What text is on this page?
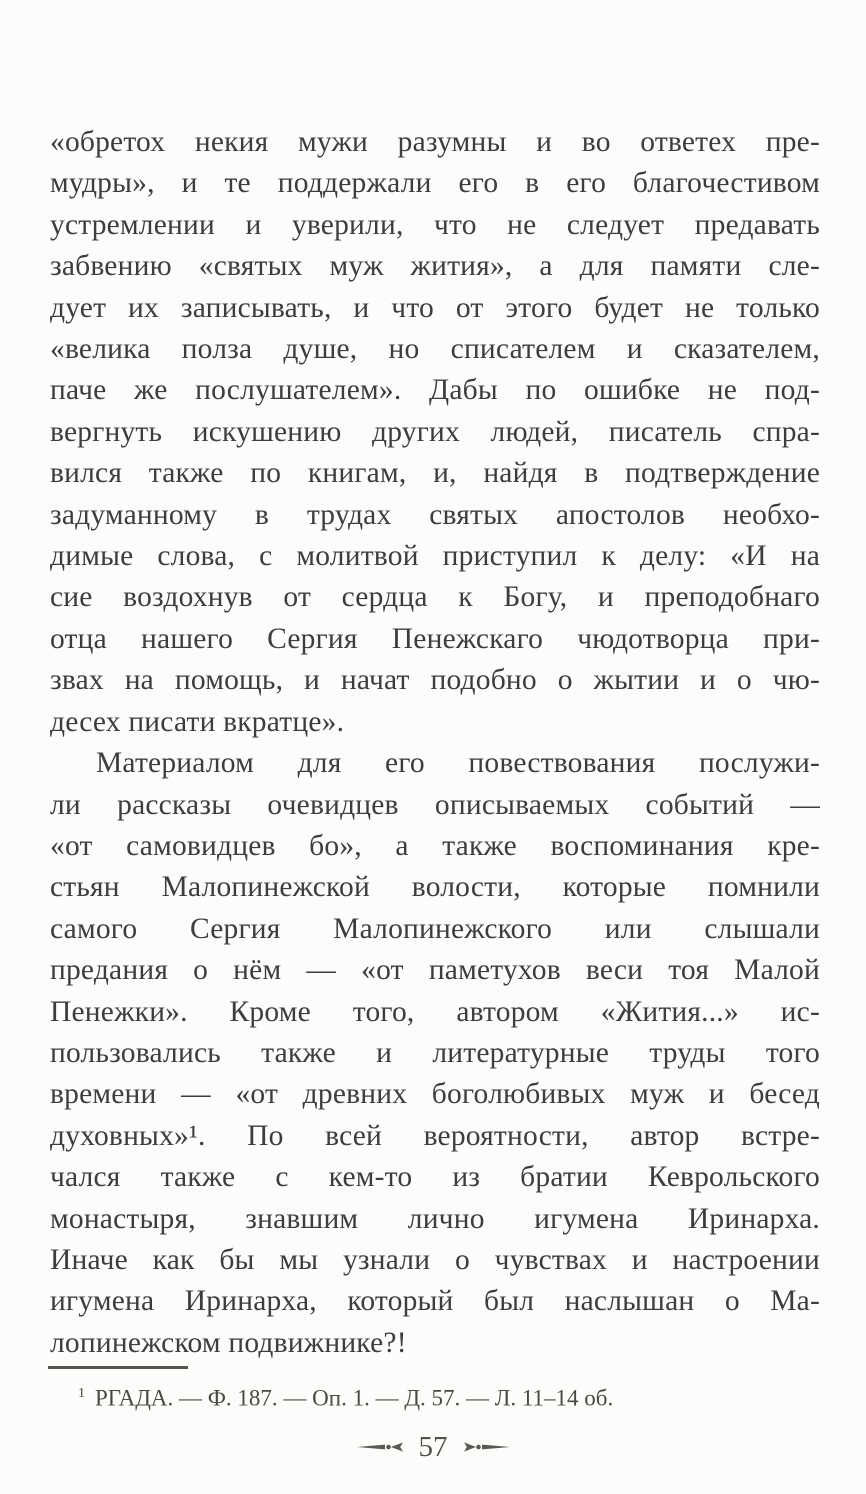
«обретох некия мужи разумны и во ответех пре-
мудры», и те поддержали его в его благочестивом
устремлении и уверили, что не следует предавать
забвению «святых муж жития», а для памяти сле-
дует их записывать, и что от этого будет не только
«велика полза душе, но списателем и сказателем,
паче же послушателем». Дабы по ошибке не под-
вергнуть искушению других людей, писатель спра-
вился также по книгам, и, найдя в подтверждение
задуманному в трудах святых апостолов необхо-
димые слова, с молитвой приступил к делу: «И на
сие воздохнув от сердца к Богу, и преподобнаго
отца нашего Сергия Пенежскаго чюдотворца при-
звах на помощь, и начат подобно о жытии и о чю-
десех писати вкратце».
Материалом для его повествования послужи-
ли рассказы очевидцев описываемых событий —
«от самовидцев бо», а также воспоминания кре-
стьян Малопинежской волости, которые помнили
самого Сергия Малопинежского или слышали
предания о нём — «от паметухов веси тоя Малой
Пенежки». Кроме того, автором «Жития...» ис-
пользовались также и литературные труды того
времени — «от древних боголюбивых муж и бесед
духовных»¹. По всей вероятности, автор встре-
чался также с кем-то из братии Кеврольского
монастыря, знавшим лично игумена Иринарха.
Иначе как бы мы узнали о чувствах и настроении
игумена Иринарха, который был наслышан о Ма-
лопинежском подвижнике?!
$^1$ РГАДА. — Ф. 187. — Оп. 1. — Д. 57. — Л. 11–14 об.
57
